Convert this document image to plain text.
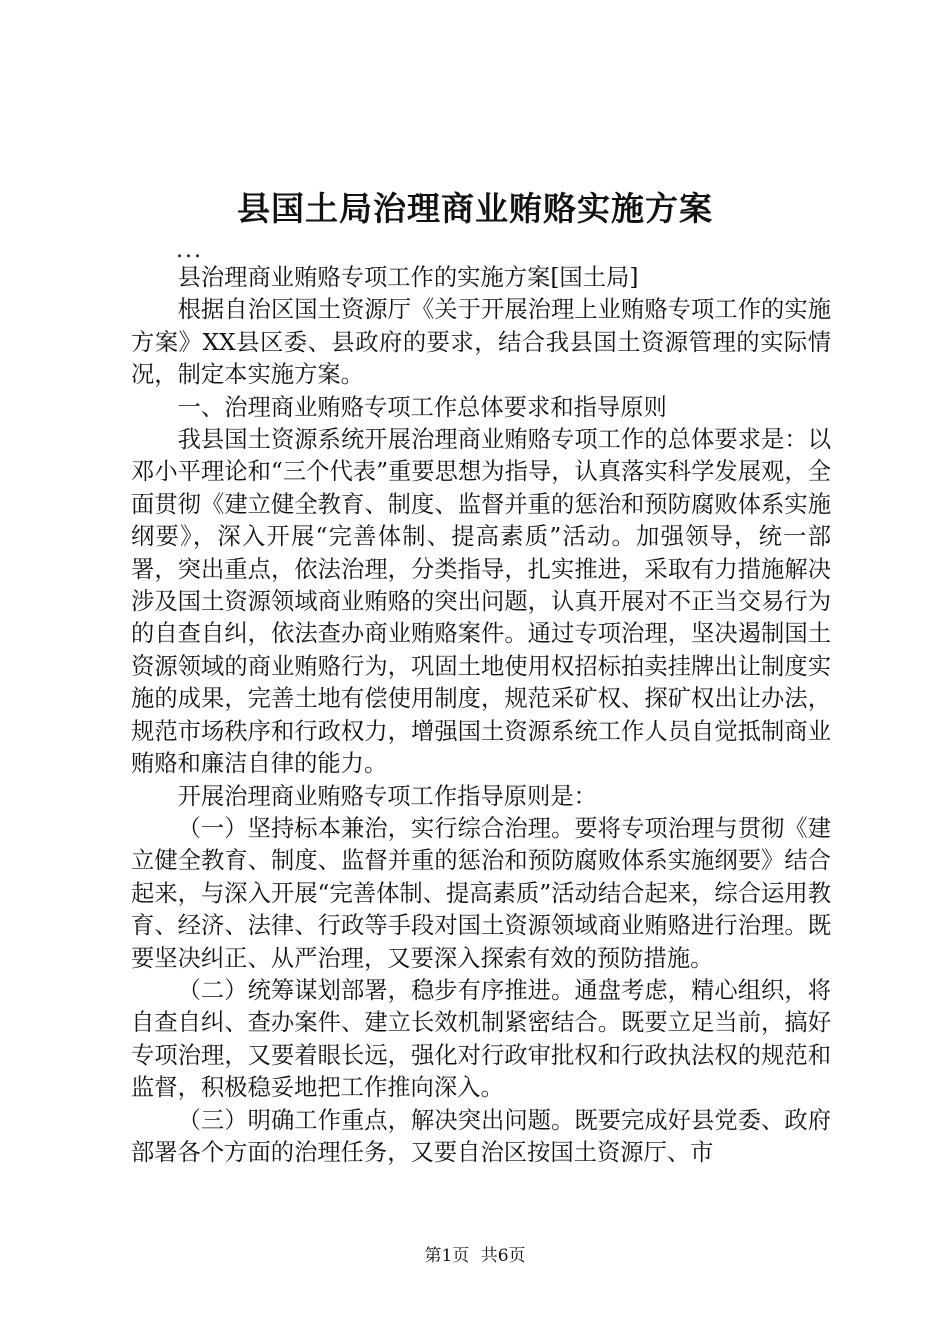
县国土局治理商业贿赂实施方案
...

县治理商业贿赂专项工作的实施方案[国土局]

根据自治区国土资源厅《关于开展治理上业贿赂专项工作的实施方案》XX县区委、县政府的要求，结合我县国土资源管理的实际情况，制定本实施方案。

一、治理商业贿赂专项工作总体要求和指导原则

我县国土资源系统开展治理商业贿赂专项工作的总体要求是：以邓小平理论和“三个代表”重要思想为指导，认真落实科学发展观，全面贯彻《建立健全教育、制度、监督并重的惩治和预防腐败体系实施纲要》，深入开展“完善体制、提高素质”活动。加强领导，统一部署，突出重点，依法治理，分类指导，扎实推进，采取有力措施解决涉及国土资源领域商业贿赂的突出问题，认真开展对不正当交易行为的自查自纠，依法查办商业贿赂案件。通过专项治理，坚决遏制国土资源领域的商业贿赂行为，巩固土地使用权招标拍卖挂牌出让制度实施的成果，完善土地有偿使用制度，规范采矿权、探矿权出让办法，规范市场秩序和行政权力，增强国土资源系统工作人员自觉抵制商业贿赂和廉洁自律的能力。

开展治理商业贿赂专项工作指导原则是：

（一）坚持标本兼治，实行综合治理。要将专项治理与贯彻《建立健全教育、制度、监督并重的惩治和预防腐败体系实施纲要》结合起来，与深入开展“完善体制、提高素质”活动结合起来，综合运用教育、经济、法律、行政等手段对国土资源领域商业贿赂进行治理。既要坚决纠正、从严治理，又要深入探索有效的预防措施。

（二）统筹谋划部署，稳步有序推进。通盘考虑，精心组织，将自查自纠、查办案件、建立长效机制紧密结合。既要立足当前，搞好专项治理，又要着眼长远，强化对行政审批权和行政执法权的规范和监督，积极稳妥地把工作推向深入。

（三）明确工作重点，解决突出问题。既要完成好县党委、政府部署各个方面的治理任务，又要自治区按国土资源厅、市

第1页 共6页
